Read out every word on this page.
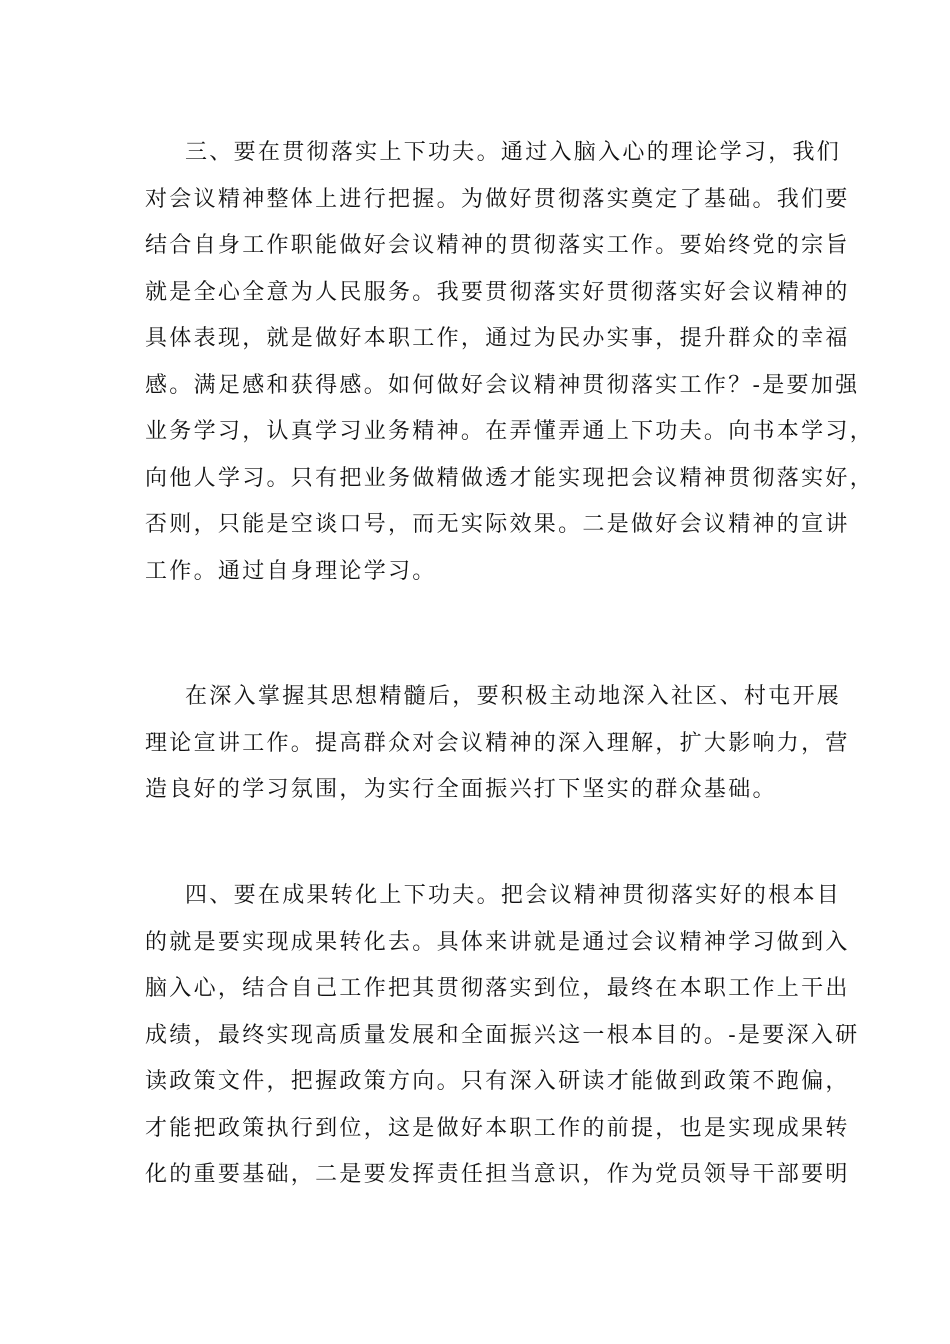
三、要在贯彻落实上下功夫。通过入脑入心的理论学习，我们
对会议精神整体上进行把握。为做好贯彻落实奠定了基础。我们要
结合自身工作职能做好会议精神的贯彻落实工作。要始终党的宗旨
就是全心全意为人民服务。我要贯彻落实好贯彻落实好会议精神的
具体表现，就是做好本职工作，通过为民办实事，提升群众的幸福
感。满足感和获得感。如何做好会议精神贯彻落实工作？-是要加强
业务学习，认真学习业务精神。在弄懂弄通上下功夫。向书本学习，
向他人学习。只有把业务做精做透才能实现把会议精神贯彻落实好，
否则，只能是空谈口号，而无实际效果。二是做好会议精神的宣讲
工作。通过自身理论学习。
在深入掌握其思想精髓后，要积极主动地深入社区、村屯开展
理论宣讲工作。提高群众对会议精神的深入理解，扩大影响力，营
造良好的学习氛围，为实行全面振兴打下坚实的群众基础。
四、要在成果转化上下功夫。把会议精神贯彻落实好的根本目
的就是要实现成果转化去。具体来讲就是通过会议精神学习做到入
脑入心，结合自己工作把其贯彻落实到位，最终在本职工作上干出
成绩，最终实现高质量发展和全面振兴这一根本目的。-是要深入研
读政策文件，把握政策方向。只有深入研读才能做到政策不跑偏，
才能把政策执行到位，这是做好本职工作的前提，也是实现成果转
化的重要基础，二是要发挥责任担当意识，作为党员领导干部要明
